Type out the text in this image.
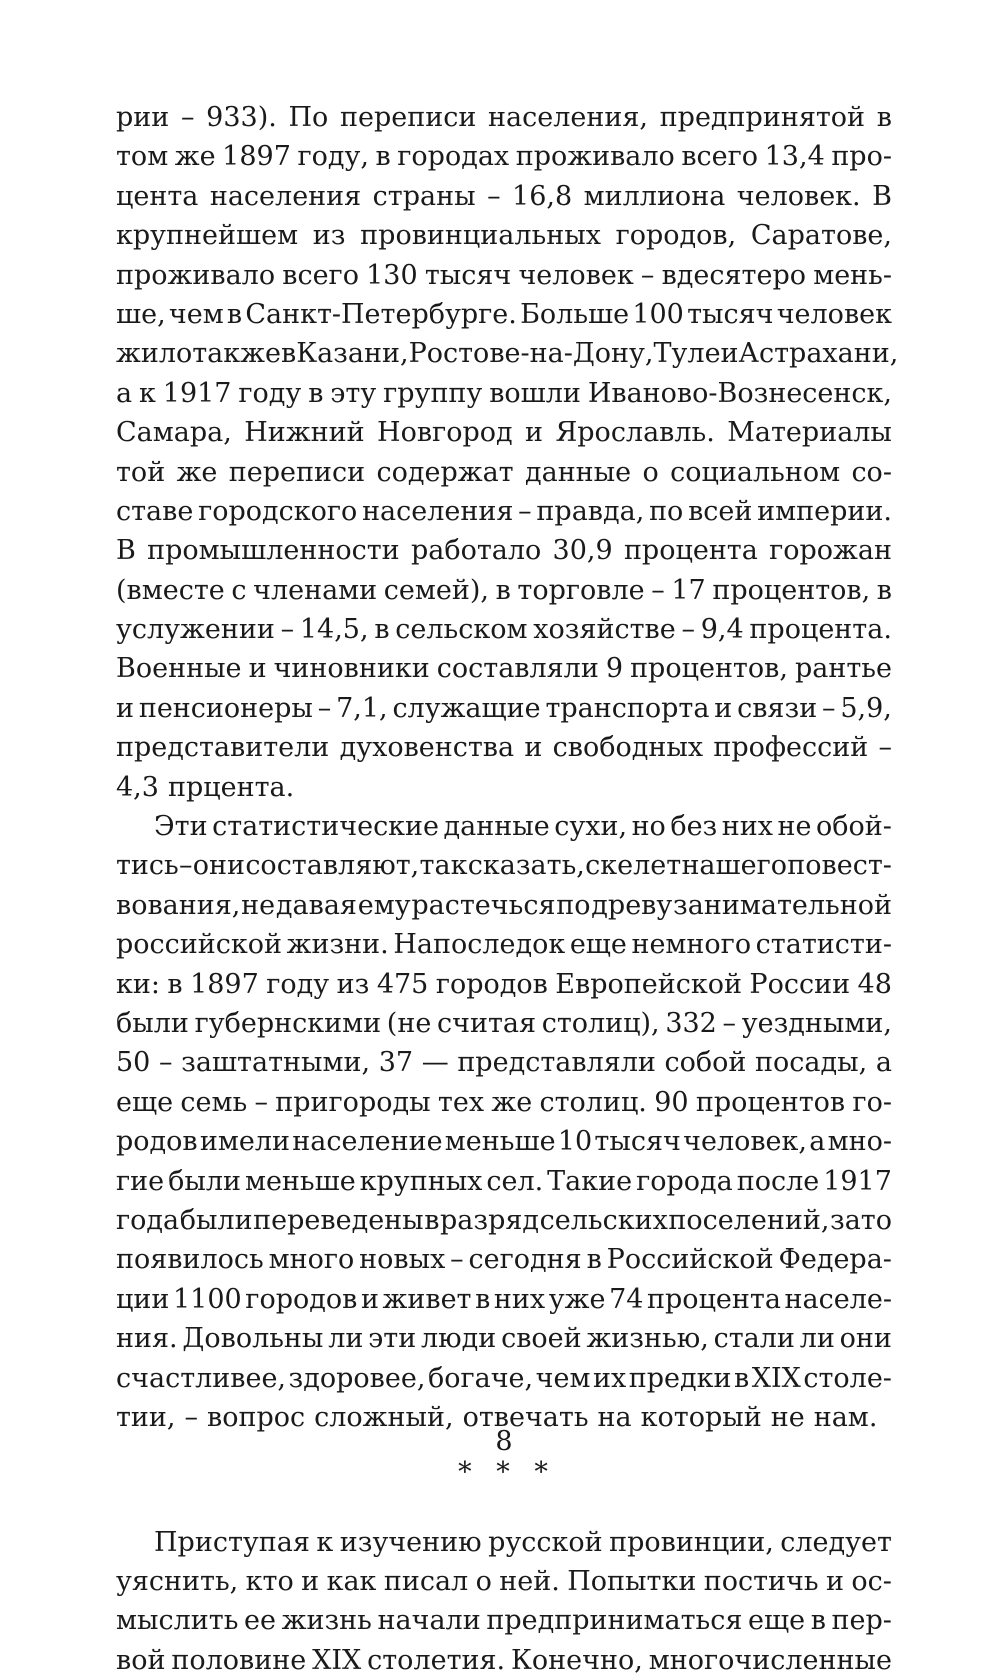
рии – 933). По переписи населения, предпринятой в
том же 1897 году, в городах проживало всего 13,4 про-
цента населения страны – 16,8 миллиона человек. В
крупнейшем из провинциальных городов, Саратове,
проживало всего 130 тысяч человек – вдесятеро мень-
ше, чем в Санкт-Петербурге. Больше 100 тысяч человек
жило также в Казани, Ростове-на-Дону, Туле и Астрахани,
а к 1917 году в эту группу вошли Иваново-Вознесенск,
Самара, Нижний Новгород и Ярославль. Материалы
той же переписи содержат данные о социальном со-
ставе городского населения – правда, по всей империи.
В промышленности работало 30,9 процента горожан
(вместе с членами семей), в торговле – 17 процентов, в
услужении – 14,5, в сельском хозяйстве – 9,4 процента.
Военные и чиновники составляли 9 процентов, рантье
и пенсионеры – 7,1, служащие транспорта и связи – 5,9,
представители духовенства и свободных профессий –
4,3 прцента.
Эти статистические данные сухи, но без них не обой-
тись – они составляют, так сказать, скелет нашего повест-
вования, не давая ему растечься по древу занимательной
российской жизни. Напоследок еще немного статисти-
ки: в 1897 году из 475 городов Европейской России 48
были губернскими (не считая столиц), 332 – уездными,
50 – заштатными, 37 — представляли собой посады, а
еще семь – пригороды тех же столиц. 90 процентов го-
родов имели население меньше 10 тысяч человек, а мно-
гие были меньше крупных сел. Такие города после 1917
года были переведены в разряд сельских поселений, зато
появилось много новых – сегодня в Российской Федера-
ции 1100 городов и живет в них уже 74 процента населе-
ния. Довольны ли эти люди своей жизнью, стали ли они
счастливее, здоровее, богаче, чем их предки в XIX столе-
тии, – вопрос сложный, отвечать на который не нам.
* * *
Приступая к изучению русской провинции, следует
уяснить, кто и как писал о ней. Попытки постичь и ос-
мыслить ее жизнь начали предприниматься еще в пер-
вой половине XIX столетия. Конечно, многочисленные
8
